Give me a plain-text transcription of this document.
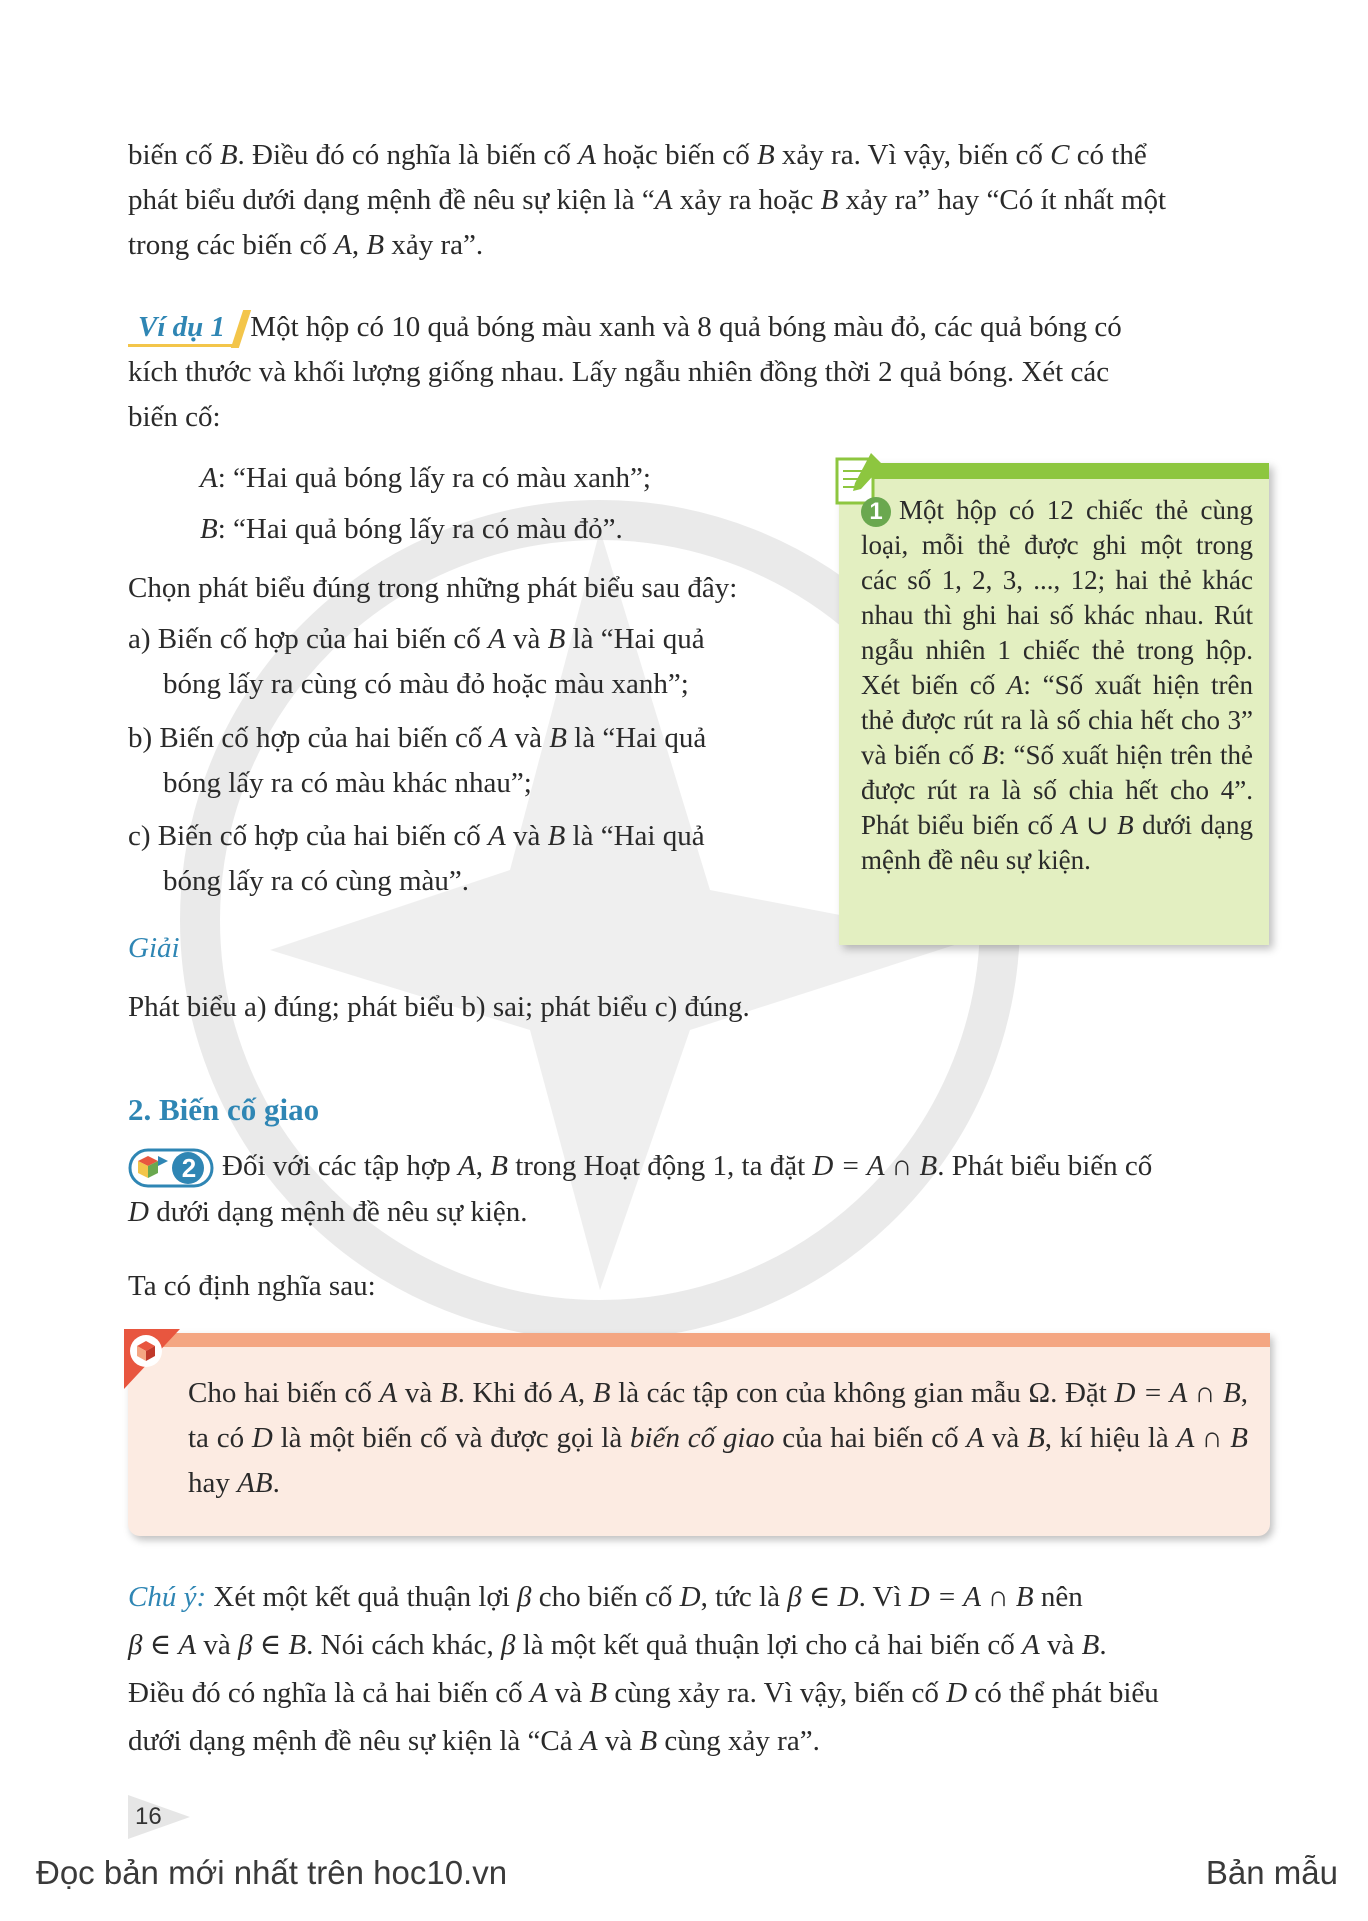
biến cố B. Điều đó có nghĩa là biến cố A hoặc biến cố B xảy ra. Vì vậy, biến cố C có thể
phát biểu dưới dạng mệnh đề nêu sự kiện là “A xảy ra hoặc B xảy ra” hay “Có ít nhất một
trong các biến cố A, B xảy ra”.
Ví dụ 1 Một hộp có 10 quả bóng màu xanh và 8 quả bóng màu đỏ, các quả bóng có
kích thước và khối lượng giống nhau. Lấy ngẫu nhiên đồng thời 2 quả bóng. Xét các
biến cố:
A: “Hai quả bóng lấy ra có màu xanh”;
B: “Hai quả bóng lấy ra có màu đỏ”.
Chọn phát biểu đúng trong những phát biểu sau đây:
a) Biến cố hợp của hai biến cố A và B là “Hai quả
bóng lấy ra cùng có màu đỏ hoặc màu xanh”;
b) Biến cố hợp của hai biến cố A và B là “Hai quả
bóng lấy ra có màu khác nhau”;
c) Biến cố hợp của hai biến cố A và B là “Hai quả
bóng lấy ra có cùng màu”.
Giải
Phát biểu a) đúng; phát biểu b) sai; phát biểu c) đúng.
1 Một hộp có 12 chiếc thẻ cùng loại, mỗi thẻ được ghi một trong các số 1, 2, 3, ..., 12; hai thẻ khác nhau thì ghi hai số khác nhau. Rút ngẫu nhiên 1 chiếc thẻ trong hộp. Xét biến cố A: “Số xuất hiện trên thẻ được rút ra là số chia hết cho 3” và biến cố B: “Số xuất hiện trên thẻ được rút ra là số chia hết cho 4”. Phát biểu biến cố A ∪ B dưới dạng mệnh đề nêu sự kiện.
2. Biến cố giao
2 Đối với các tập hợp A, B trong Hoạt động 1, ta đặt D = A ∩ B. Phát biểu biến cố
D dưới dạng mệnh đề nêu sự kiện.
Ta có định nghĩa sau:
Cho hai biến cố A và B. Khi đó A, B là các tập con của không gian mẫu Ω. Đặt D = A ∩ B, ta có D là một biến cố và được gọi là biến cố giao của hai biến cố A và B, kí hiệu là A ∩ B hay AB.
Chú ý: Xét một kết quả thuận lợi β cho biến cố D, tức là β ∈ D. Vì D = A ∩ B nên
β ∈ A và β ∈ B. Nói cách khác, β là một kết quả thuận lợi cho cả hai biến cố A và B.
Điều đó có nghĩa là cả hai biến cố A và B cùng xảy ra. Vì vậy, biến cố D có thể phát biểu
dưới dạng mệnh đề nêu sự kiện là “Cả A và B cùng xảy ra”.
16
Đọc bản mới nhất trên hoc10.vn	Bản mẫu
